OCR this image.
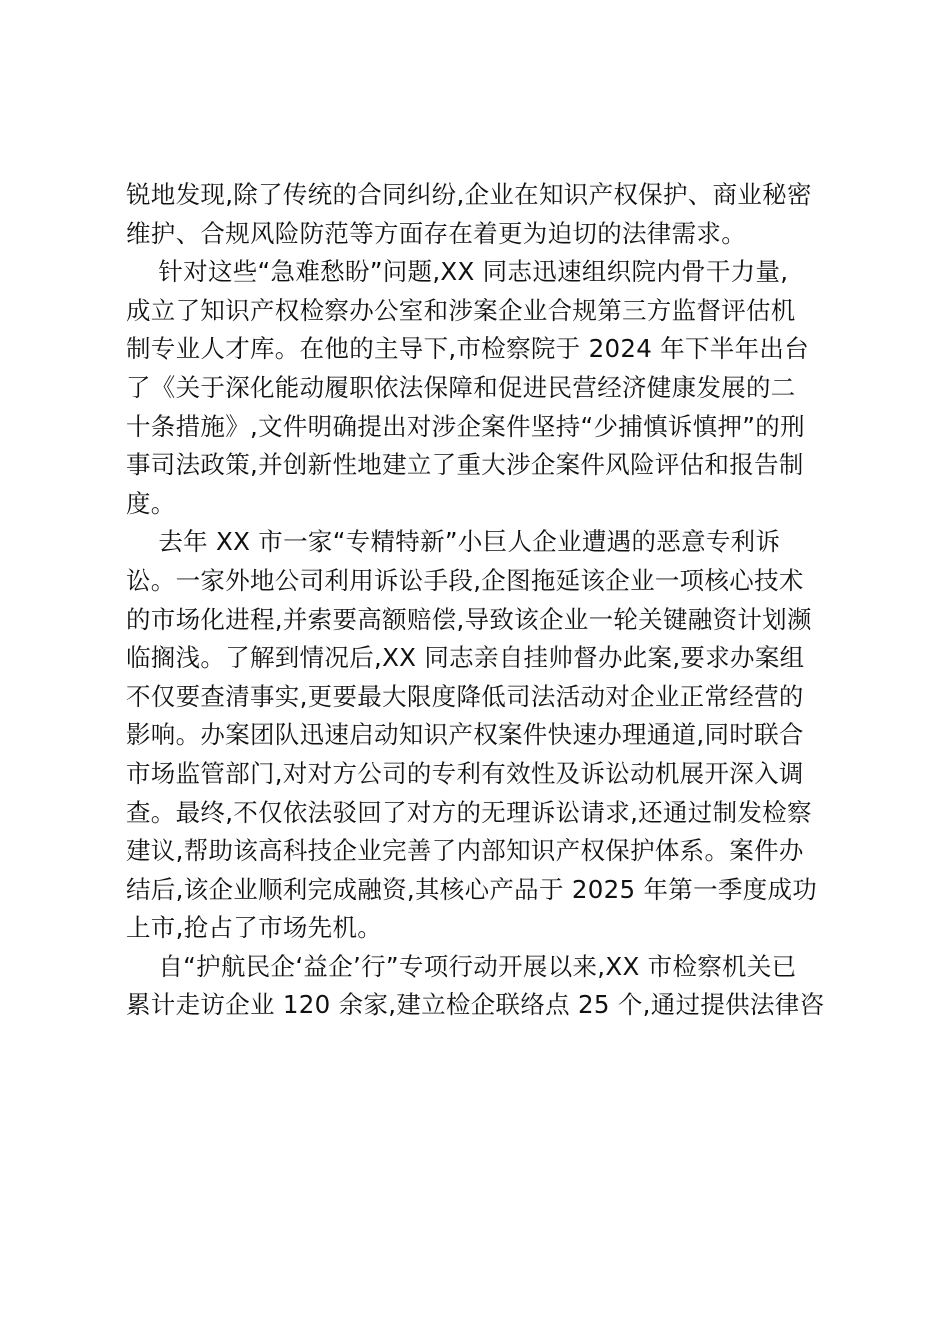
锐地发现,除了传统的合同纠纷,企业在知识产权保护、商业秘密
维护、合规风险防范等方面存在着更为迫切的法律需求。
针对这些“急难愁盼”问题,XX 同志迅速组织院内骨干力量,
成立了知识产权检察办公室和涉案企业合规第三方监督评估机
制专业人才库。在他的主导下,市检察院于 2024 年下半年出台
了《关于深化能动履职依法保障和促进民营经济健康发展的二
十条措施》,文件明确提出对涉企案件坚持“少捕慎诉慎押”的刑
事司法政策,并创新性地建立了重大涉企案件风险评估和报告制
度。
去年 XX 市一家“专精特新”小巨人企业遭遇的恶意专利诉
讼。一家外地公司利用诉讼手段,企图拖延该企业一项核心技术
的市场化进程,并索要高额赔偿,导致该企业一轮关键融资计划濒
临搁浅。了解到情况后,XX 同志亲自挂帅督办此案,要求办案组
不仅要查清事实,更要最大限度降低司法活动对企业正常经营的
影响。办案团队迅速启动知识产权案件快速办理通道,同时联合
市场监管部门,对对方公司的专利有效性及诉讼动机展开深入调
查。最终,不仅依法驳回了对方的无理诉讼请求,还通过制发检察
建议,帮助该高科技企业完善了内部知识产权保护体系。案件办
结后,该企业顺利完成融资,其核心产品于 2025 年第一季度成功
上市,抢占了市场先机。
自“护航民企‘益企’行”专项行动开展以来,XX 市检察机关已
累计走访企业 120 余家,建立检企联络点 25 个,通过提供法律咨
